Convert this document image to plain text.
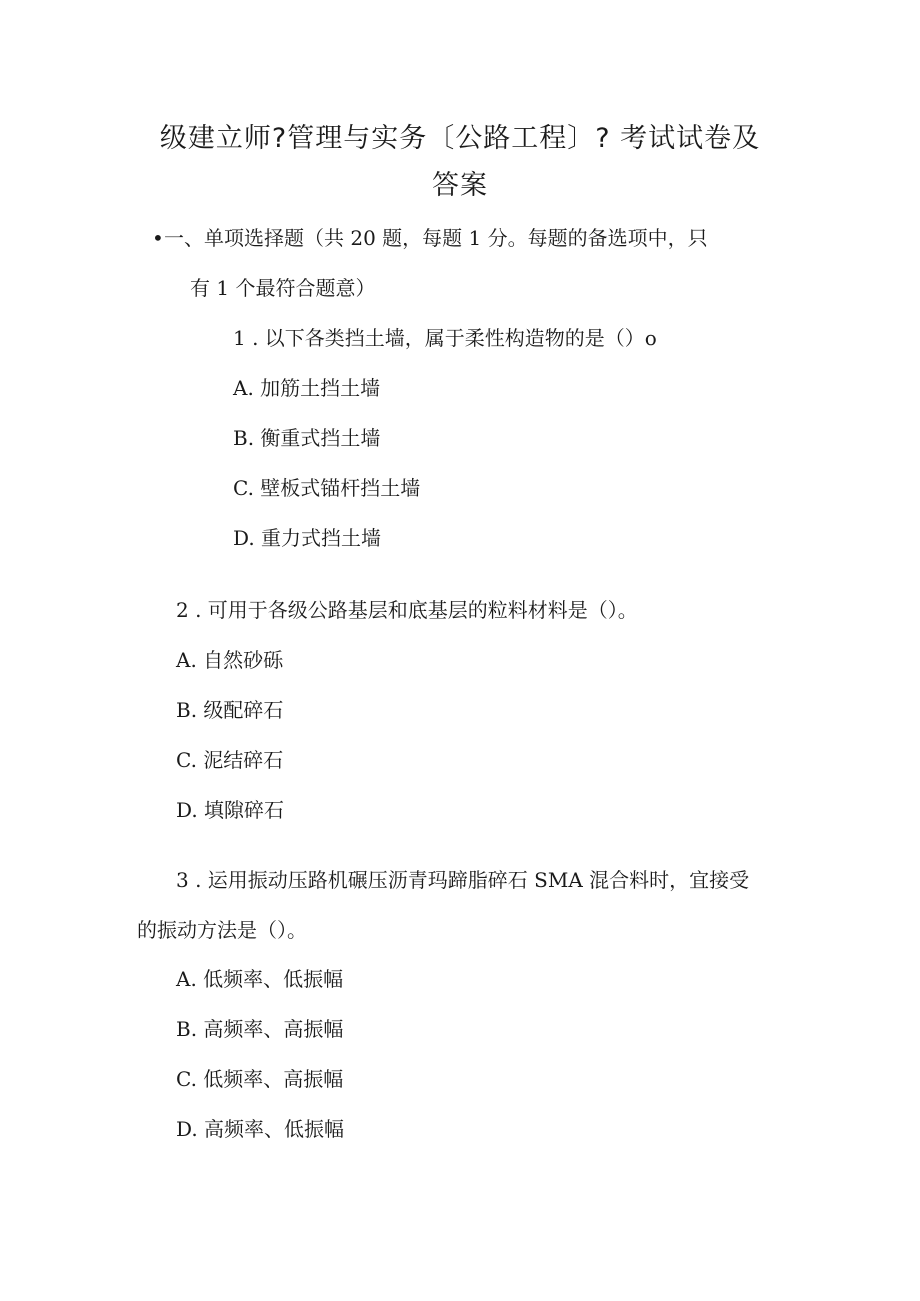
级建立师?管理与实务〔公路工程〕? 考试试卷及
答案
•一、单项选择题（共 20 题，每题 1 分。每题的备选项中，只
有 1 个最符合题意）
1 . 以下各类挡土墙，属于柔性构造物的是（）o
A. 加筋土挡土墙
B. 衡重式挡土墙
C. 壁板式锚杆挡土墙
D. 重力式挡土墙
2 . 可用于各级公路基层和底基层的粒料材料是（）。
A. 自然砂砾
B. 级配碎石
C. 泥结碎石
D. 填隙碎石
3 . 运用振动压路机碾压沥青玛蹄脂碎石 SMA 混合料时，宜接受
的振动方法是（）。
A. 低频率、低振幅
B. 高频率、高振幅
C. 低频率、高振幅
D. 高频率、低振幅
